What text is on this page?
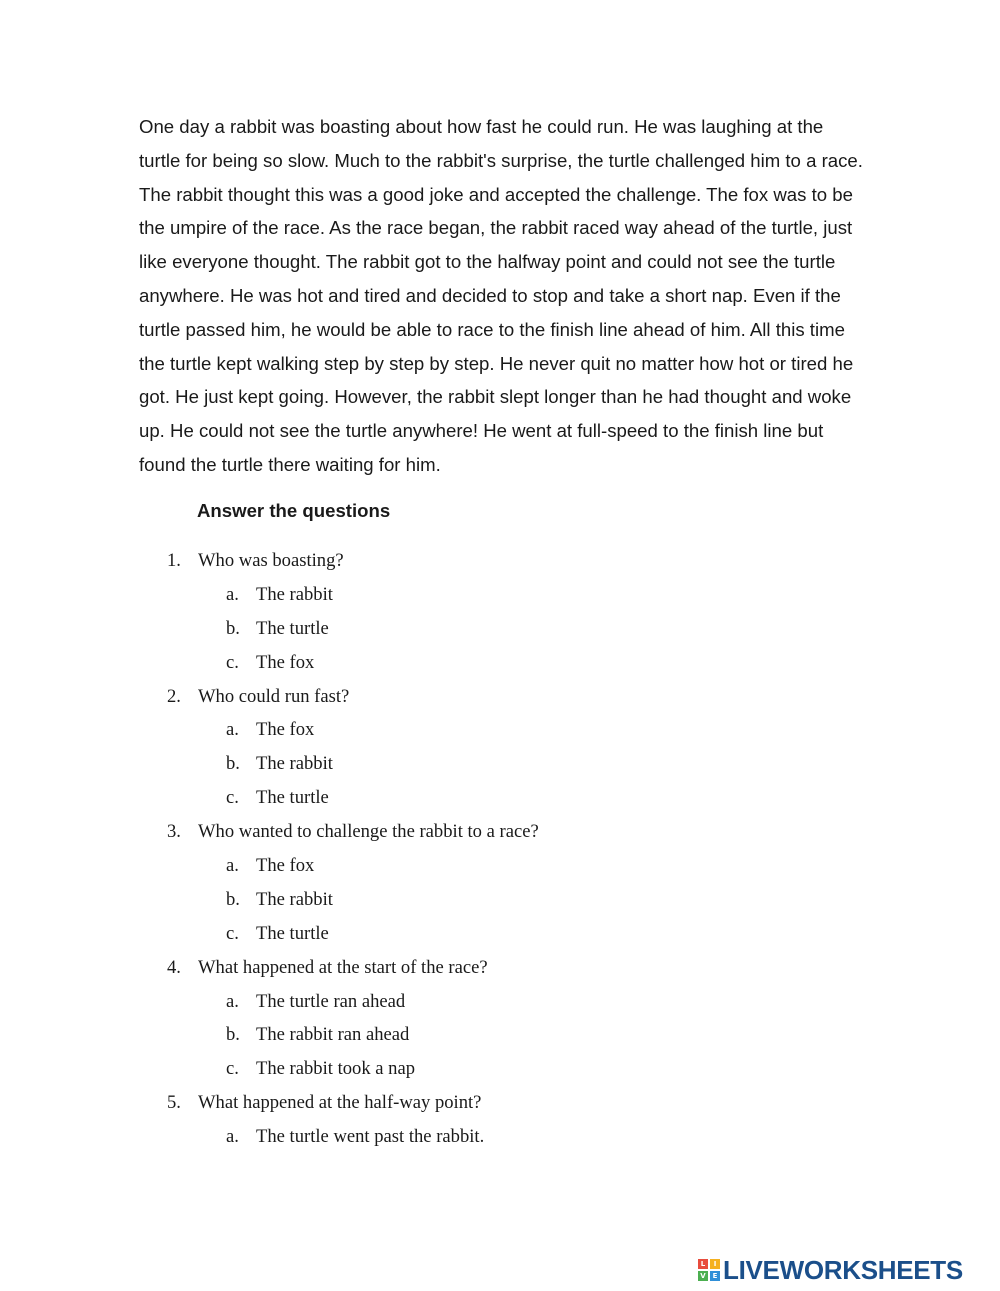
One day a rabbit was boasting about how fast he could run. He was laughing at the turtle for being so slow. Much to the rabbit's surprise, the turtle challenged him to a race. The rabbit thought this was a good joke and accepted the challenge. The fox was to be the umpire of the race. As the race began, the rabbit raced way ahead of the turtle, just like everyone thought. The rabbit got to the halfway point and could not see the turtle anywhere. He was hot and tired and decided to stop and take a short nap. Even if the turtle passed him, he would be able to race to the finish line ahead of him. All this time the turtle kept walking step by step by step. He never quit no matter how hot or tired he got. He just kept going. However, the rabbit slept longer than he had thought and woke up. He could not see the turtle anywhere! He went at full-speed to the finish line but found the turtle there waiting for him.

Answer the questions

1. Who was boasting?
a. The rabbit
b. The turtle
c. The fox
2. Who could run fast?
a. The fox
b. The rabbit
c. The turtle
3. Who wanted to challenge the rabbit to a race?
a. The fox
b. The rabbit
c. The turtle
4. What happened at the start of the race?
a. The turtle ran ahead
b. The rabbit ran ahead
c. The rabbit took a nap
5. What happened at the half-way point?
a. The turtle went past the rabbit.
L	I
V E LIVEWORKSHEETS
